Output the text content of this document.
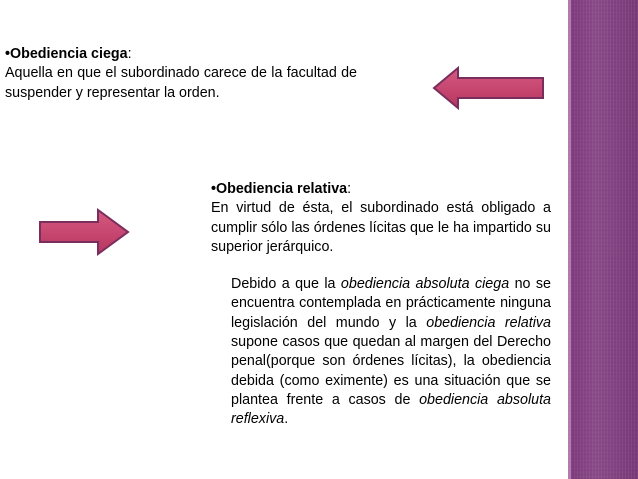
•Obediencia ciega:

Aquella en que el subordinado carece de la facultad de suspender y representar la orden.

•Obediencia relativa:

En virtud de ésta, el subordinado está obligado a cumplir sólo las órdenes lícitas que le ha impartido su superior jerárquico.

Debido a que la obediencia absoluta ciega no se encuentra contemplada en prácticamente ninguna legislación del mundo y la obediencia relativa supone casos que quedan al margen del Derecho penal(porque son órdenes lícitas), la obediencia debida (como eximente) es una situación que se plantea frente a casos de obediencia absoluta reflexiva.
